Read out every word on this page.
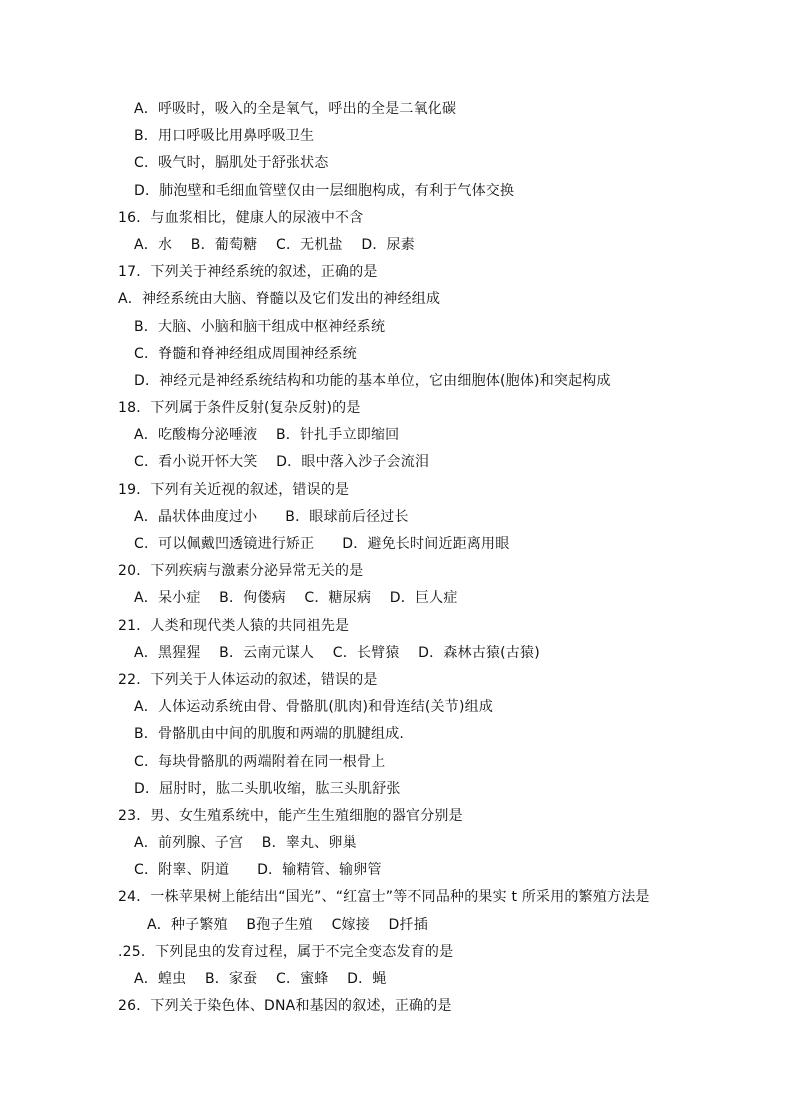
A．呼吸时，吸入的全是氧气，呼出的全是二氧化碳
B．用口呼吸比用鼻呼吸卫生
C．吸气时，膈肌处于舒张状态
D．肺泡壁和毛细血管壁仅由一层细胞构成，有利于气体交换
16．与血浆相比，健康人的尿液中不含
A．水    B．葡萄糖    C．无机盐    D．尿素
17．下列关于神经系统的叙述，正确的是
A．神经系统由大脑、脊髓以及它们发出的神经组成
B．大脑、小脑和脑干组成中枢神经系统
C．脊髓和脊神经组成周围神经系统
D．神经元是神经系统结构和功能的基本单位，它由细胞体(胞体)和突起构成
18．下列属于条件反射(复杂反射)的是
A．吃酸梅分泌唾液    B．针扎手立即缩回
C．看小说开怀大笑    D．眼中落入沙子会流泪
19．下列有关近视的叙述，错误的是
A．晶状体曲度过小      B．眼球前后径过长
C．可以佩戴凹透镜进行矫正      D．避免长时间近距离用眼
20．下列疾病与激素分泌异常无关的是
A．呆小症    B．佝偻病    C．糖尿病    D．巨人症
21．人类和现代类人猿的共同祖先是
A．黑猩猩    B．云南元谋人    C．长臂猿    D．森林古猿(古猿)
22．下列关于人体运动的叙述，错误的是
A．人体运动系统由骨、骨骼肌(肌肉)和骨连结(关节)组成
B．骨骼肌由中间的肌腹和两端的肌腱组成.
C．每块骨骼肌的两端附着在同一根骨上
D．屈肘时，肱二头肌收缩，肱三头肌舒张
23．男、女生殖系统中，能产生生殖细胞的器官分别是
A．前列腺、子宫    B．睾丸、卵巢
C．附睾、阴道      D．输精管、输卵管
24．一株苹果树上能结出“国光”、“红富士”等不同品种的果实 t 所采用的繁殖方法是
A．种子繁殖    B孢子生殖    C嫁接    D扦插
.25．下列昆虫的发育过程，属于不完全变态发育的是
A．蝗虫    B．家蚕    C．蜜蜂    D．蝇
26．下列关于染色体、DNA和基因的叙述，正确的是
